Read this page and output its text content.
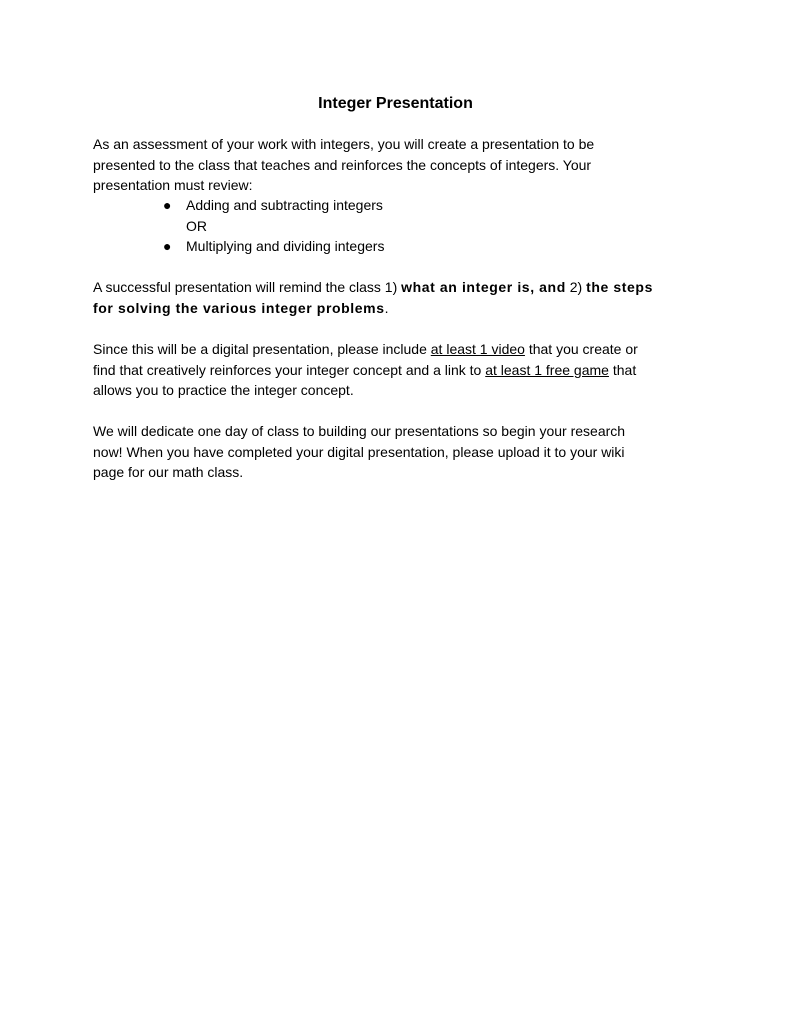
Integer Presentation

As an assessment of your work with integers, you will create a presentation to be
presented to the class that teaches and reinforces the concepts of integers. Your
presentation must review:

● Adding and subtracting integers
OR
● Multiplying and dividing integers

A successful presentation will remind the class 1) what an integer is, and 2) the steps
for solving the various integer problems.

Since this will be a digital presentation, please include at least 1 video that you create or
find that creatively reinforces your integer concept and a link to at least 1 free game that
allows you to practice the integer concept.

We will dedicate one day of class to building our presentations so begin your research
now! When you have completed your digital presentation, please upload it to your wiki
page for our math class.
